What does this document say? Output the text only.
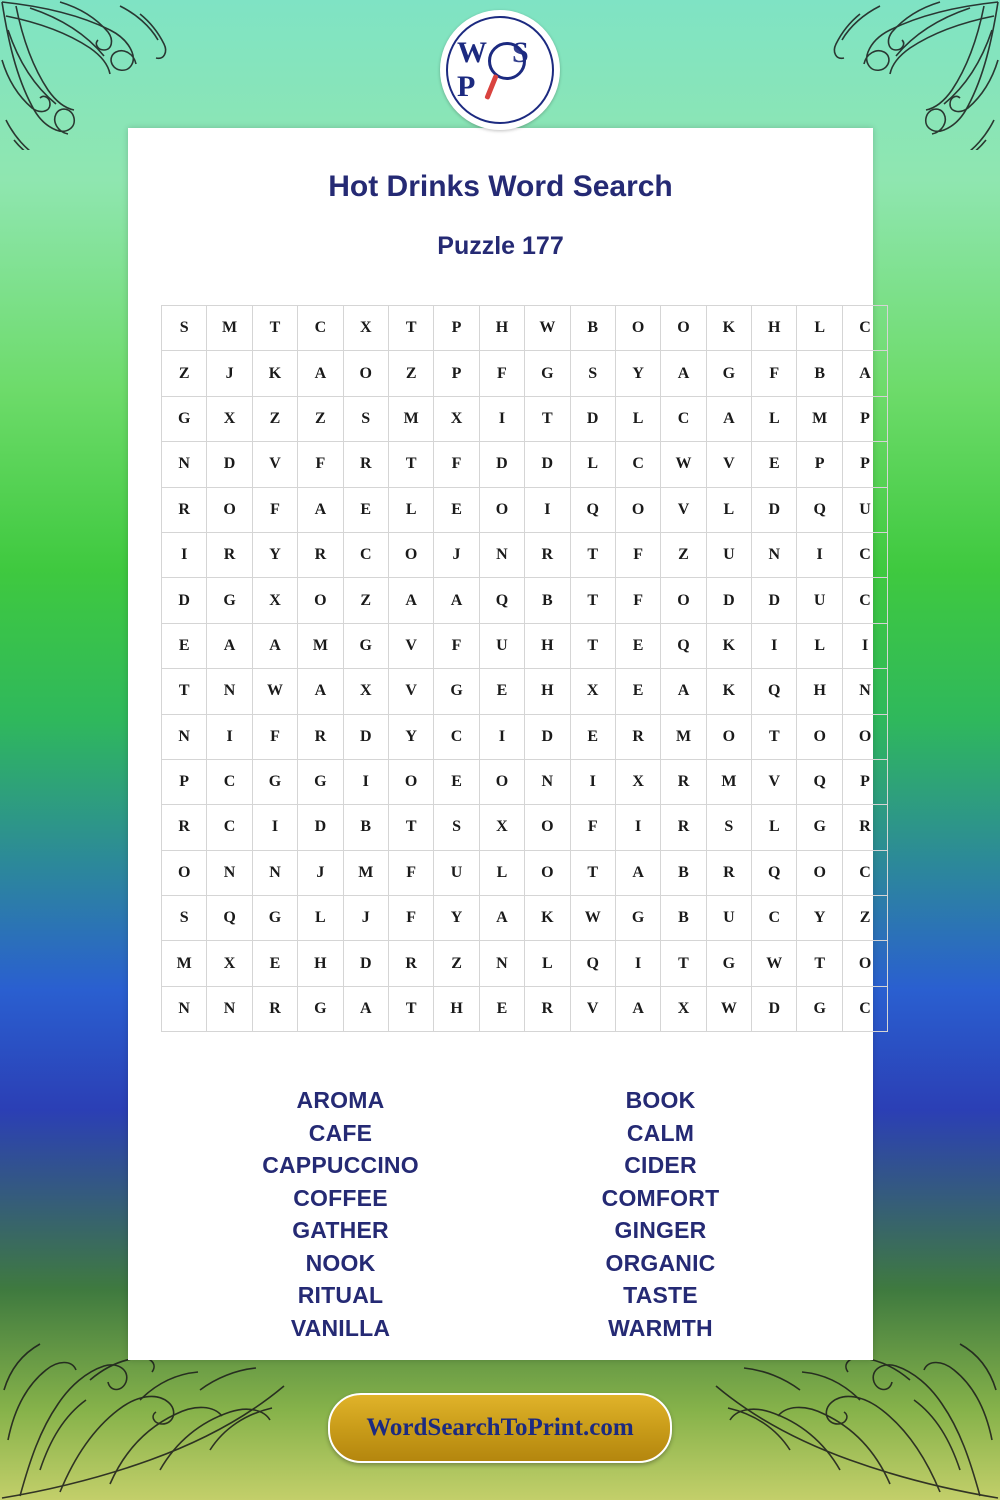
W S P
Hot Drinks Word Search
Puzzle 177
S	M	T	C	X	T	P	H	W	B	O	O	K	H	L	C
Z	J	K	A	O	Z	P	F	G	S	Y	A	G	F	B	A
G	X	Z	Z	S	M	X	I	T	D	L	C	A	L	M	P
N	D	V	F	R	T	F	D	D	L	C	W	V	E	P	P
R	O	F	A	E	L	E	O	I	Q	O	V	L	D	Q	U
I	R	Y	R	C	O	J	N	R	T	F	Z	U	N	I	C
D	G	X	O	Z	A	A	Q	B	T	F	O	D	D	U	C
E	A	A	M	G	V	F	U	H	T	E	Q	K	I	L	I
T	N	W	A	X	V	G	E	H	X	E	A	K	Q	H	N
N	I	F	R	D	Y	C	I	D	E	R	M	O	T	O	O
P	C	G	G	I	O	E	O	N	I	X	R	M	V	Q	P
R	C	I	D	B	T	S	X	O	F	I	R	S	L	G	R
O	N	N	J	M	F	U	L	O	T	A	B	R	Q	O	C
S	Q	G	L	J	F	Y	A	K	W	G	B	U	C	Y	Z
M	X	E	H	D	R	Z	N	L	Q	I	T	G	W	T	O
N	N	R	G	A	T	H	E	R	V	A	X	W	D	G	C
AROMA
CAFE
CAPPUCCINO
COFFEE
GATHER
NOOK
RITUAL
VANILLA
BOOK
CALM
CIDER
COMFORT
GINGER
ORGANIC
TASTE
WARMTH
WordSearchToPrint.com
